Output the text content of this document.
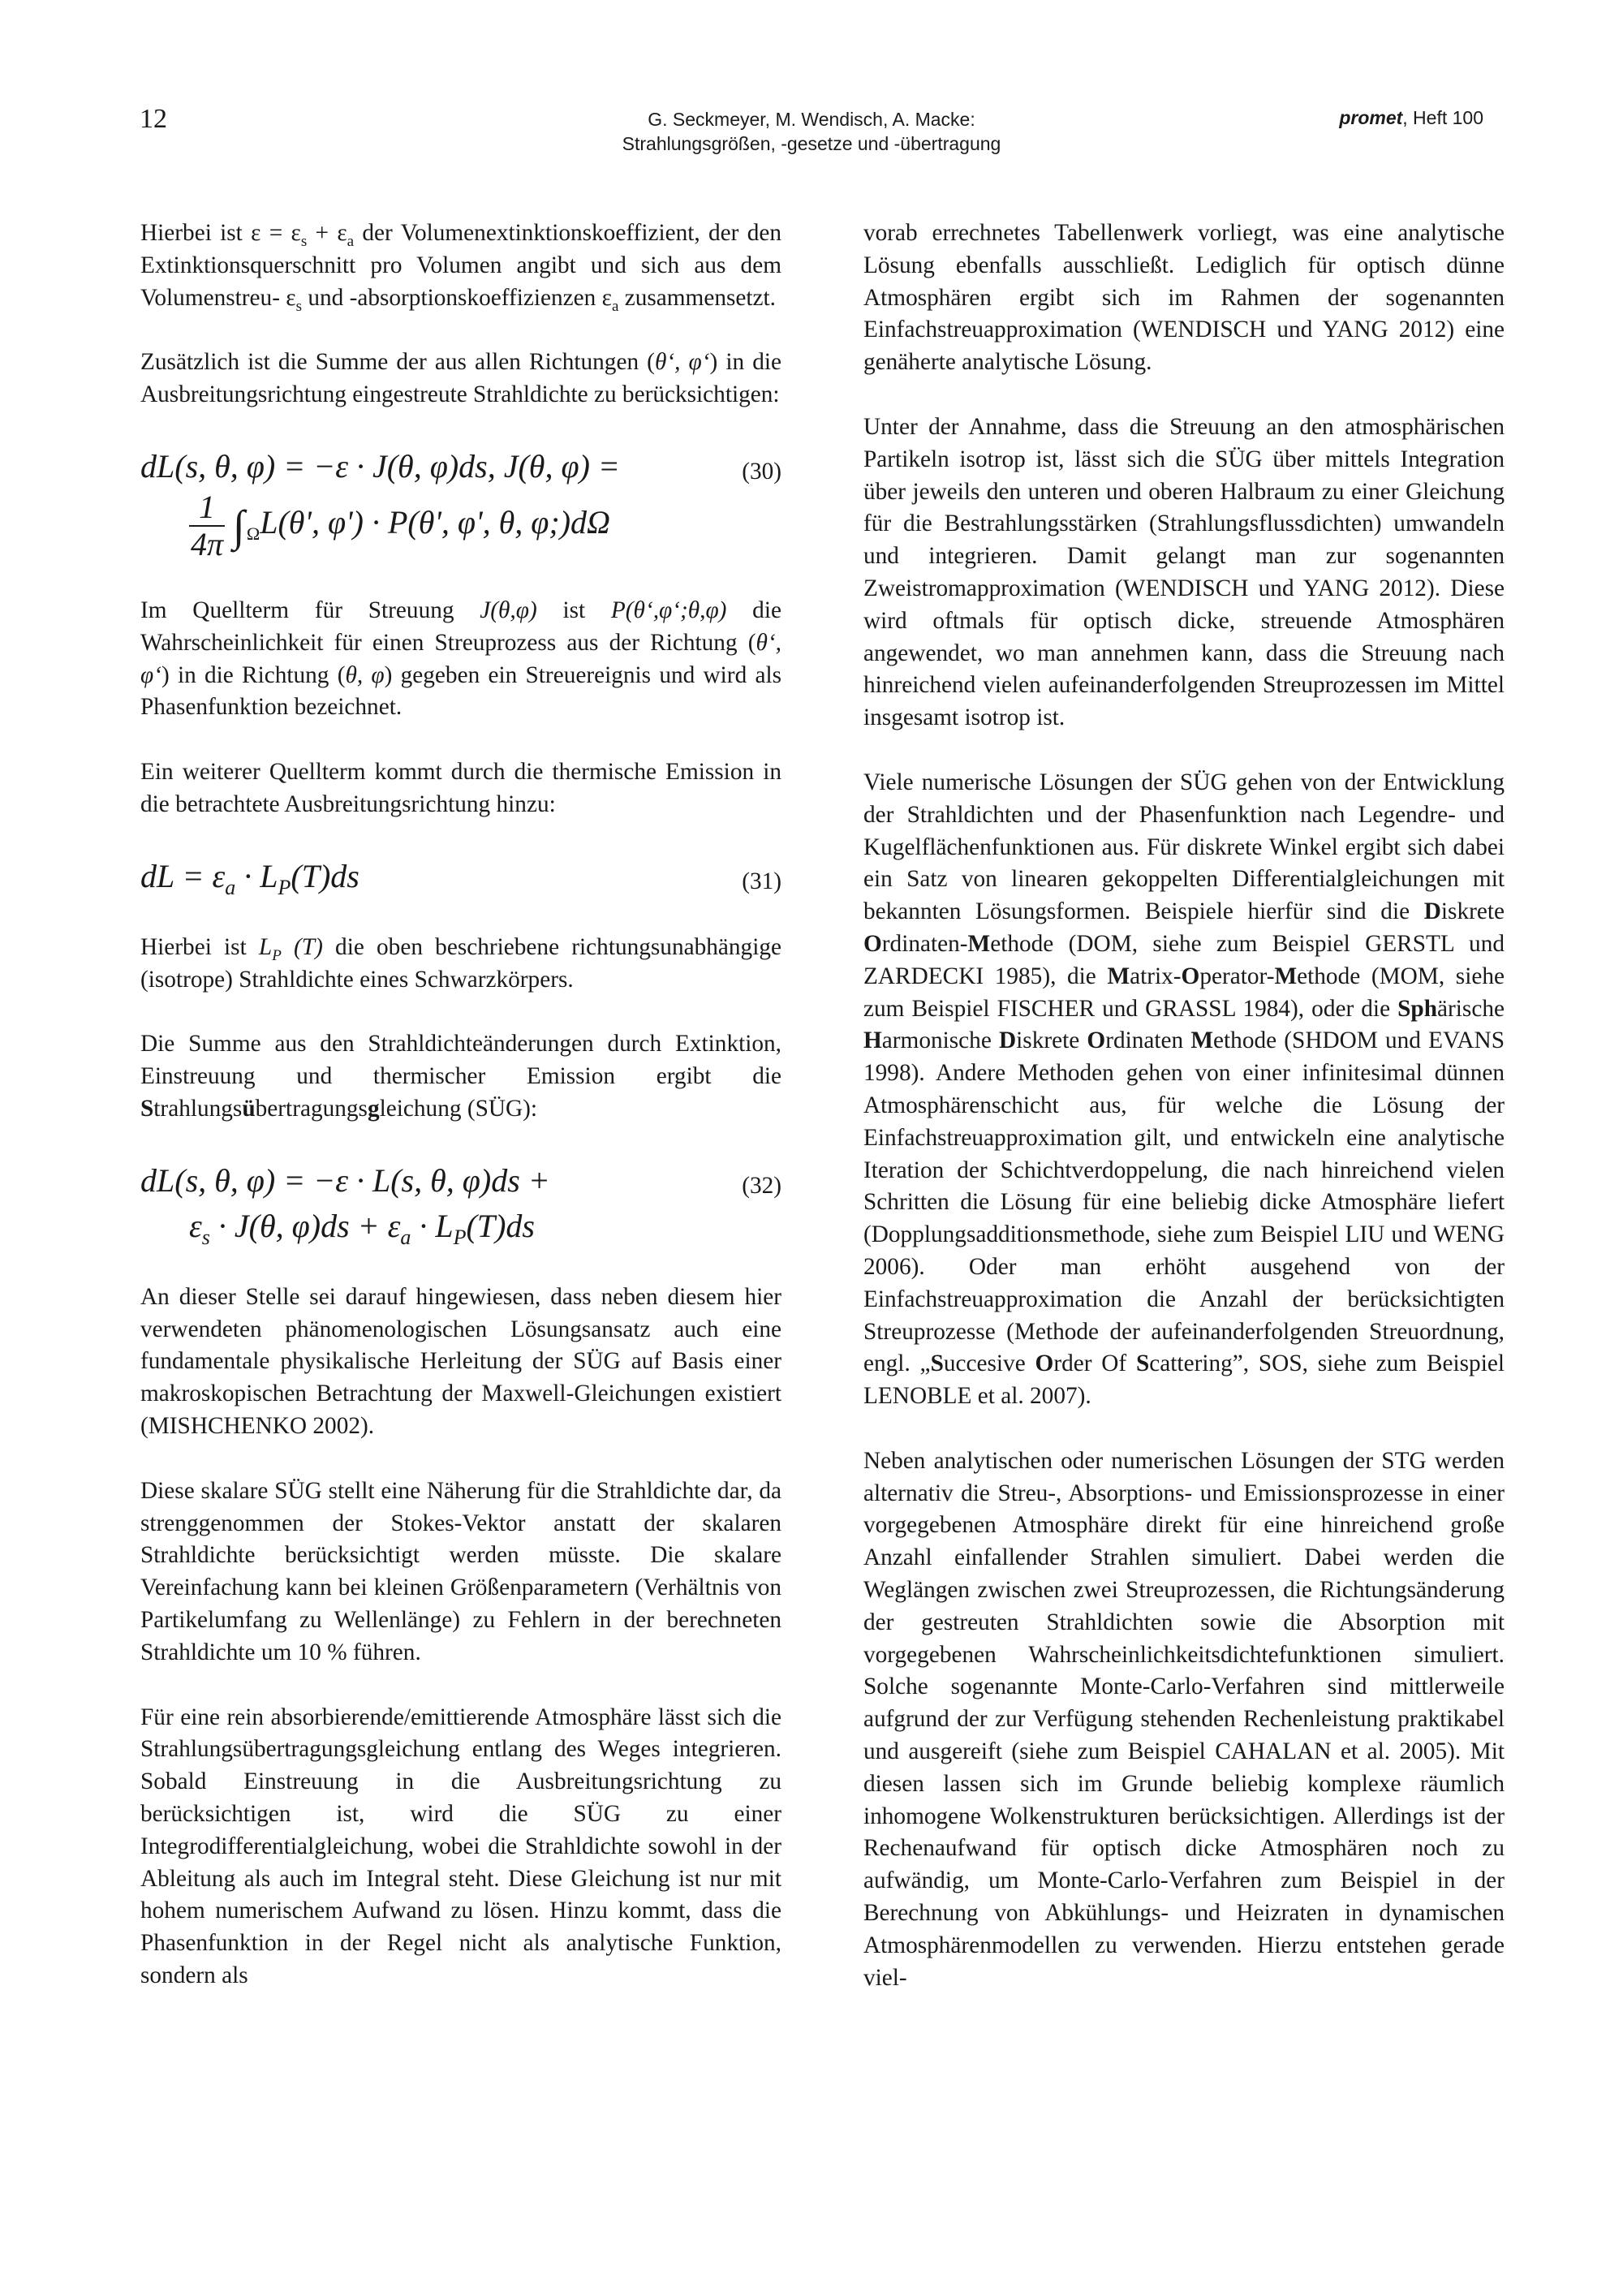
12	G. Seckmeyer, M. Wendisch, A. Macke:
Strahlungsgrößen, -gesetze und -übertragung
promet, Heft 100

Hierbei ist $\varepsilon = \varepsilon_s + \varepsilon_a$ der Volumenextinktionskoeffizient, der den Extinktionsquerschnitt pro Volumen angibt und sich aus dem Volumenstreu- $\varepsilon_s$ und -absorptionskoeffizienzen $\varepsilon_a$ zusammensetzt.

Zusätzlich ist die Summe der aus allen Richtungen (θ‘, φ‘) in die Ausbreitungsrichtung eingestreute Strahldichte zu berücksichtigen:

dL(s, θ, φ) = −ε · J(θ, φ)ds, J(θ, φ) =
$\frac{1}{4\pi} \int_\Omega L(\theta'$, φ') · P(θ', φ', θ, φ;)dΩ
(30)

Im Quellterm für Streuung J(θ,φ) ist P(θ‘,φ‘;θ,φ) die Wahrscheinlichkeit für einen Streuprozess aus der Richtung (θ‘, φ‘) in die Richtung (θ, φ) gegeben ein Streuereignis und wird als Phasenfunktion bezeichnet.

Ein weiterer Quellterm kommt durch die thermische Emission in die betrachtete Ausbreitungsrichtung hinzu:

dL = $\varepsilon_a \cdot L_P(T)ds$	(31)

Hierbei ist $L_P$ (T) die oben beschriebene richtungsunabhängige (isotrope) Strahldichte eines Schwarzkörpers.

Die Summe aus den Strahldichteänderungen durch Extinktion, Einstreuung und thermischer Emission ergibt die Strahlungsübertragungsgleichung (SÜG):

dL(s, θ, φ) = −ε · L(s, θ, φ)ds +
$\varepsilon_s \cdot J(\theta$, $\varphi)ds + \varepsilon_a \cdot L_P(T)ds$
(32)

An dieser Stelle sei darauf hingewiesen, dass neben diesem hier verwendeten phänomenologischen Lösungsansatz auch eine fundamentale physikalische Herleitung der SÜG auf Basis einer makroskopischen Betrachtung der Maxwell-Gleichungen existiert (MISHCHENKO 2002).

Diese skalare SÜG stellt eine Näherung für die Strahldichte dar, da strenggenommen der Stokes-Vektor anstatt der skalaren Strahldichte berücksichtigt werden müsste. Die skalare Vereinfachung kann bei kleinen Größenparametern (Verhältnis von Partikelumfang zu Wellenlänge) zu Fehlern in der berechneten Strahldichte um 10 % führen.

Für eine rein absorbierende/emittierende Atmosphäre lässt sich die Strahlungsübertragungsgleichung entlang des Weges integrieren. Sobald Einstreuung in die Ausbreitungsrichtung zu berücksichtigen ist, wird die SÜG zu einer Integrodifferentialgleichung, wobei die Strahldichte sowohl in der Ableitung als auch im Integral steht. Diese Gleichung ist nur mit hohem numerischem Aufwand zu lösen. Hinzu kommt, dass die Phasenfunktion in der Regel nicht als analytische Funktion, sondern als

vorab errechnetes Tabellenwerk vorliegt, was eine analytische Lösung ebenfalls ausschließt. Lediglich für optisch dünne Atmosphären ergibt sich im Rahmen der sogenannten Einfachstreuapproximation (WENDISCH und YANG 2012) eine genäherte analytische Lösung.

Unter der Annahme, dass die Streuung an den atmosphärischen Partikeln isotrop ist, lässt sich die SÜG über mittels Integration über jeweils den unteren und oberen Halbraum zu einer Gleichung für die Bestrahlungsstärken (Strahlungsflussdichten) umwandeln und integrieren. Damit gelangt man zur sogenannten Zweistromapproximation (WENDISCH und YANG 2012). Diese wird oftmals für optisch dicke, streuende Atmosphären angewendet, wo man annehmen kann, dass die Streuung nach hinreichend vielen aufeinanderfolgenden Streuprozessen im Mittel insgesamt isotrop ist.

Viele numerische Lösungen der SÜG gehen von der Entwicklung der Strahldichten und der Phasenfunktion nach Legendre- und Kugelflächenfunktionen aus. Für diskrete Winkel ergibt sich dabei ein Satz von linearen gekoppelten Differentialgleichungen mit bekannten Lösungsformen. Beispiele hierfür sind die Diskrete Ordinaten-Methode (DOM, siehe zum Beispiel GERSTL und ZARDECKI 1985), die Matrix-Operator-Methode (MOM, siehe zum Beispiel FISCHER und GRASSL 1984), oder die Sphärische Harmonische Diskrete Ordinaten Methode (SHDOM und EVANS 1998). Andere Methoden gehen von einer infinitesimal dünnen Atmosphärenschicht aus, für welche die Lösung der Einfachstreuapproximation gilt, und entwickeln eine analytische Iteration der Schichtverdoppelung, die nach hinreichend vielen Schritten die Lösung für eine beliebig dicke Atmosphäre liefert (Dopplungsadditionsmethode, siehe zum Beispiel LIU und WENG 2006). Oder man erhöht ausgehend von der Einfachstreuapproximation die Anzahl der berücksichtigten Streuprozesse (Methode der aufeinanderfolgenden Streuordnung, engl. „Succesive Order Of Scattering”, SOS, siehe zum Beispiel LENOBLE et al. 2007).

Neben analytischen oder numerischen Lösungen der STG werden alternativ die Streu-, Absorptions- und Emissionsprozesse in einer vorgegebenen Atmosphäre direkt für eine hinreichend große Anzahl einfallender Strahlen simuliert. Dabei werden die Weglängen zwischen zwei Streuprozessen, die Richtungsänderung der gestreuten Strahldichten sowie die Absorption mit vorgegebenen Wahrscheinlichkeitsdichtefunktionen simuliert. Solche sogenannte Monte-Carlo-Verfahren sind mittlerweile aufgrund der zur Verfügung stehenden Rechenleistung praktikabel und ausgereift (siehe zum Beispiel CAHALAN et al. 2005). Mit diesen lassen sich im Grunde beliebig komplexe räumlich inhomogene Wolkenstrukturen berücksichtigen. Allerdings ist der Rechenaufwand für optisch dicke Atmosphären noch zu aufwändig, um Monte-Carlo-Verfahren zum Beispiel in der Berechnung von Abkühlungs- und Heizraten in dynamischen Atmosphärenmodellen zu verwenden. Hierzu entstehen gerade viel-
